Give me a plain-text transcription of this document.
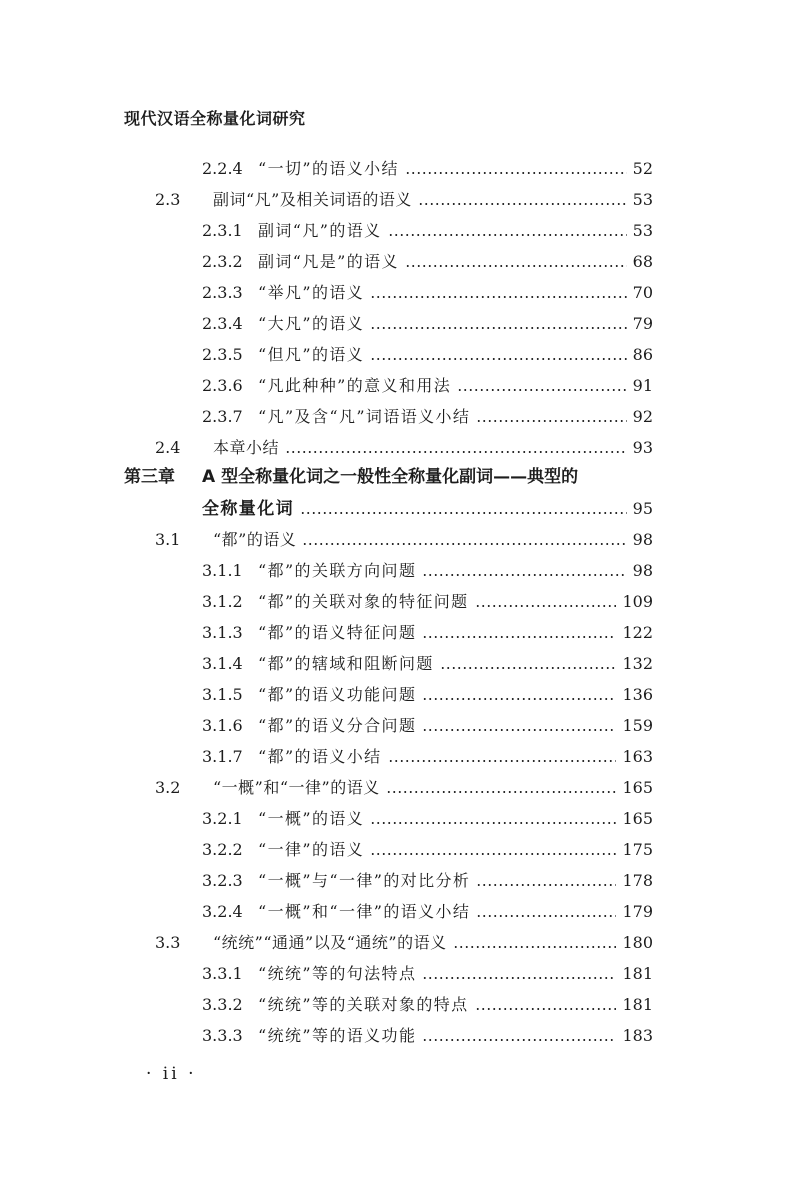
现代汉语全称量化词研究
2.2.4 “一切”的语义小结	52
2.3	副词“凡”及相关词语的语义	53
2.3.1 副词“凡”的语义	53
2.3.2 副词“凡是”的语义	68
2.3.3 “举凡”的语义	70
2.3.4 “大凡”的语义	79
2.3.5 “但凡”的语义	86
2.3.6 “凡此种种”的意义和用法	91
2.3.7 “凡”及含“凡”词语语义小结	92
2.4	本章小结	93
第三章 A 型全称量化词之一般性全称量化副词——典型的
全称量化词	95
3.1	“都”的语义	98
3.1.1 “都”的关联方向问题	98
3.1.2 “都”的关联对象的特征问题	109
3.1.3 “都”的语义特征问题	122
3.1.4 “都”的辖域和阻断问题	132
3.1.5 “都”的语义功能问题	136
3.1.6 “都”的语义分合问题	159
3.1.7 “都”的语义小结	163
3.2	“一概”和“一律”的语义	165
3.2.1 “一概”的语义	165
3.2.2 “一律”的语义	175
3.2.3 “一概”与“一律”的对比分析	178
3.2.4 “一概”和“一律”的语义小结	179
3.3	“统统”“通通”以及“通统”的语义	180
3.3.1 “统统”等的句法特点	181
3.3.2 “统统”等的关联对象的特点	181
3.3.3 “统统”等的语义功能	183
· ii ·
